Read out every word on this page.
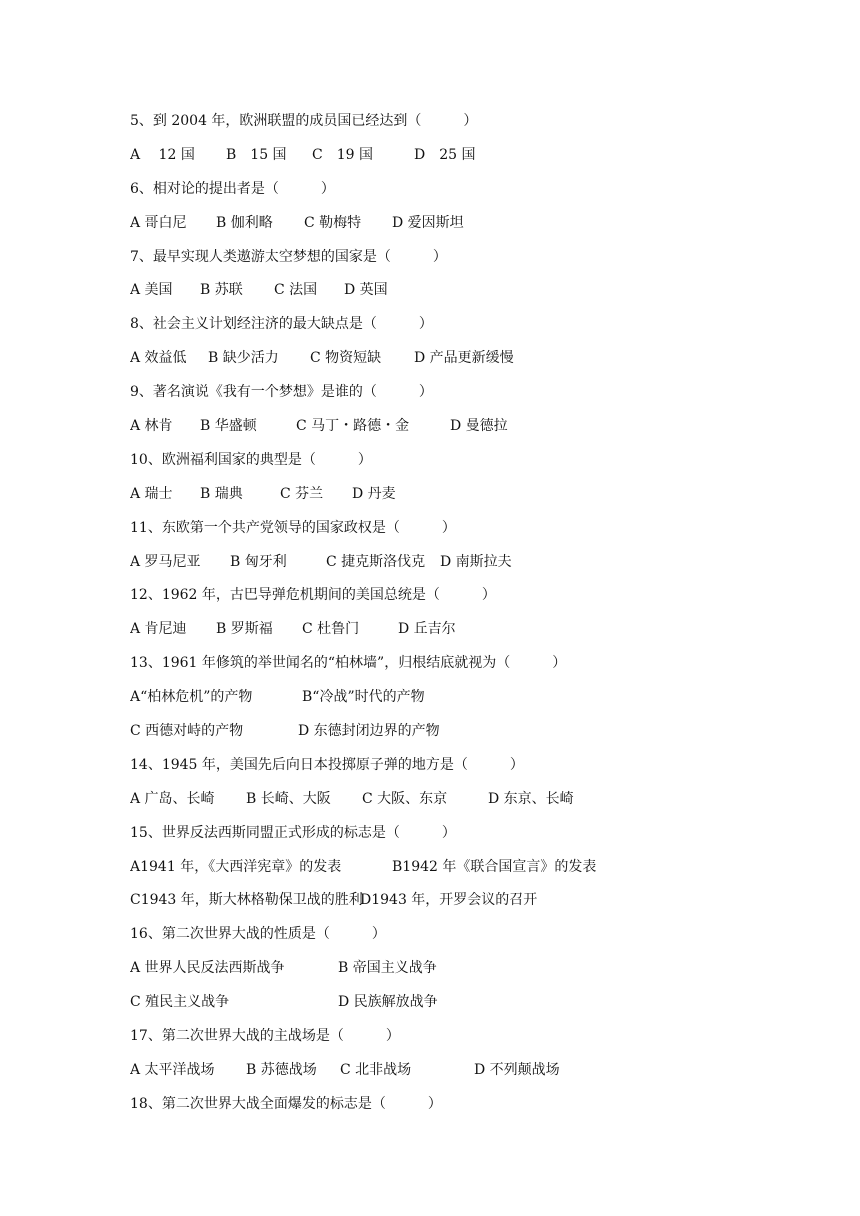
5、到 2004 年，欧洲联盟的成员国已经达到（　　　）
A　 12 国 B　15 国 C　19 国	D　25 国
6、相对论的提出者是（　　　）
A 哥白尼 B 伽利略 C 勒梅特 D 爱因斯坦
7、最早实现人类遨游太空梦想的国家是（　　　）
A 美国 B 苏联 C 法国 D 英国
8、社会主义计划经注济的最大缺点是（　　　）
A 效益低 B 缺少活力 C 物资短缺 D 产品更新缓慢
9、著名演说《我有一个梦想》是谁的（　　　）
A 林肯 B 华盛顿	C 马丁・路德・金	D 曼德拉
10、欧洲福利国家的典型是（　　　）
A 瑞士 B 瑞典	C 芬兰 D 丹麦
11、东欧第一个共产党领导的国家政权是（　　　）
A 罗马尼亚 B 匈牙利	C 捷克斯洛伐克 D 南斯拉夫
12、1962 年，古巴导弹危机期间的美国总统是（　　　）
A 肯尼迪 B 罗斯福 C 杜鲁门	D 丘吉尔
13、1961 年修筑的举世闻名的“柏林墙”，归根结底就视为（　　　）
A“柏林危机”的产物	B“冷战”时代的产物
C 西德对峙的产物	D 东德封闭边界的产物
14、1945 年，美国先后向日本投掷原子弹的地方是（　　　）
A 广岛、长崎 B 长崎、大阪 C 大阪、东京	D 东京、长崎
15、世界反法西斯同盟正式形成的标志是（　　　）
A1941 年，《大西洋宪章》的发表	B1942 年《联合国宣言》的发表
C1943 年，斯大林格勒保卫战的胜利
D1943 年，开罗会议的召开
16、第二次世界大战的性质是（　　　）
A 世界人民反法西斯战争	B 帝国主义战争
C 殖民主义战争	D 民族解放战争
17、第二次世界大战的主战场是（　　　）
A 太平洋战场 B 苏德战场 C 北非战场	D 不列颠战场
18、第二次世界大战全面爆发的标志是（　　　）
